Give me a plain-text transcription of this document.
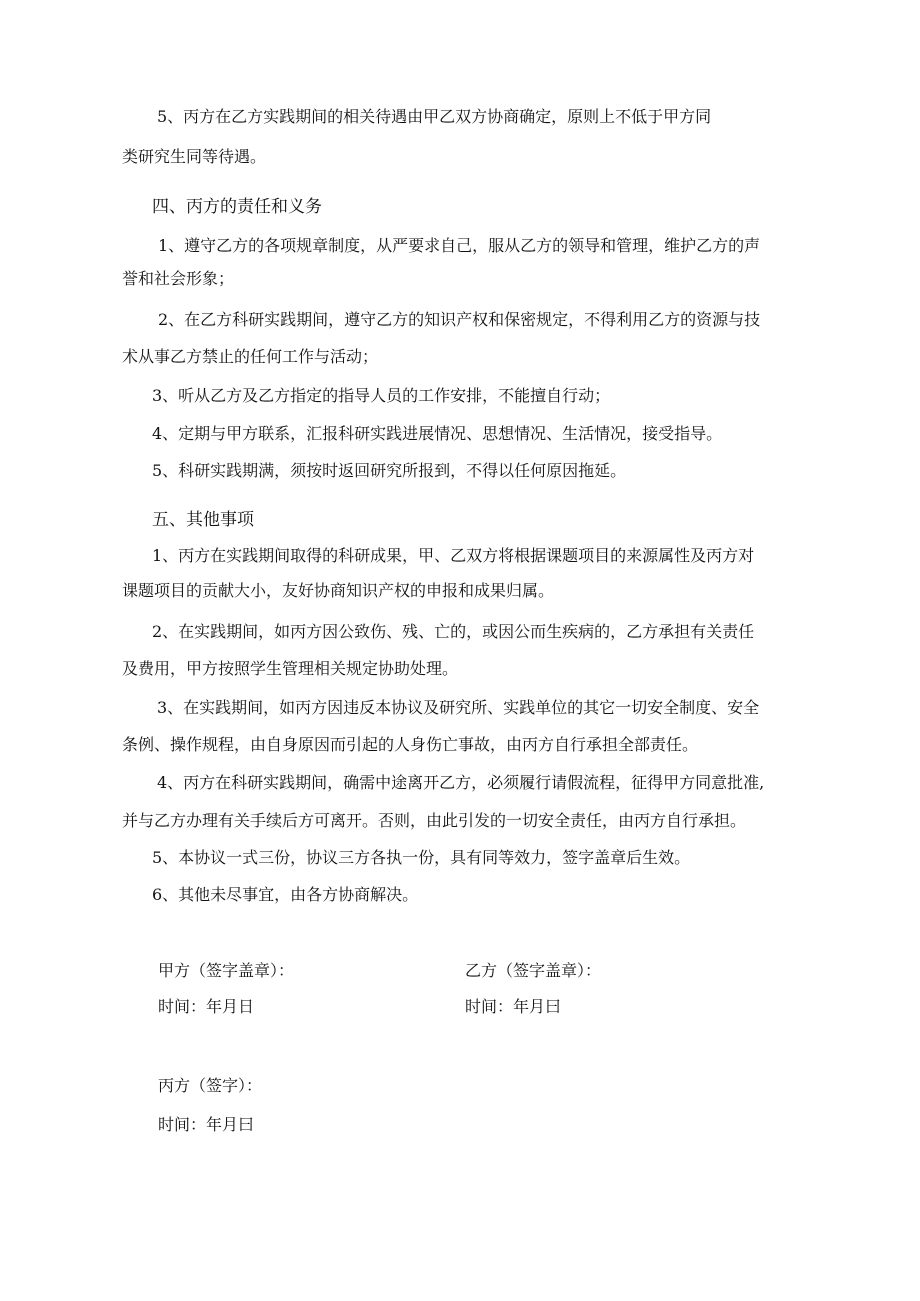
5、丙方在乙方实践期间的相关待遇由甲乙双方协商确定，原则上不低于甲方同
类研究生同等待遇。
四、丙方的责任和义务
1、遵守乙方的各项规章制度，从严要求自己，服从乙方的领导和管理，维护乙方的声
誉和社会形象；
2、在乙方科研实践期间，遵守乙方的知识产权和保密规定，不得利用乙方的资源与技
术从事乙方禁止的任何工作与活动；
3、听从乙方及乙方指定的指导人员的工作安排，不能擅自行动；
4、定期与甲方联系，汇报科研实践进展情况、思想情况、生活情况，接受指导。
5、科研实践期满，须按时返回研究所报到，不得以任何原因拖延。
五、其他事项
1、丙方在实践期间取得的科研成果，甲、乙双方将根据课题项目的来源属性及丙方对
课题项目的贡献大小，友好协商知识产权的申报和成果归属。
2、在实践期间，如丙方因公致伤、残、亡的，或因公而生疾病的，乙方承担有关责任
及费用，甲方按照学生管理相关规定协助处理。
3、在实践期间，如丙方因违反本协议及研究所、实践单位的其它一切安全制度、安全
条例、操作规程，由自身原因而引起的人身伤亡事故，由丙方自行承担全部责任。
4、丙方在科研实践期间，确需中途离开乙方，必须履行请假流程，征得甲方同意批准,
并与乙方办理有关手续后方可离开。否则，由此引发的一切安全责任，由丙方自行承担。
5、本协议一式三份，协议三方各执一份，具有同等效力，签字盖章后生效。
6、其他未尽事宜，由各方协商解决。
甲方（签字盖章）：
时间：年月日
乙方（签字盖章）：
时间：年月曰
丙方（签字）：
时间：年月曰
